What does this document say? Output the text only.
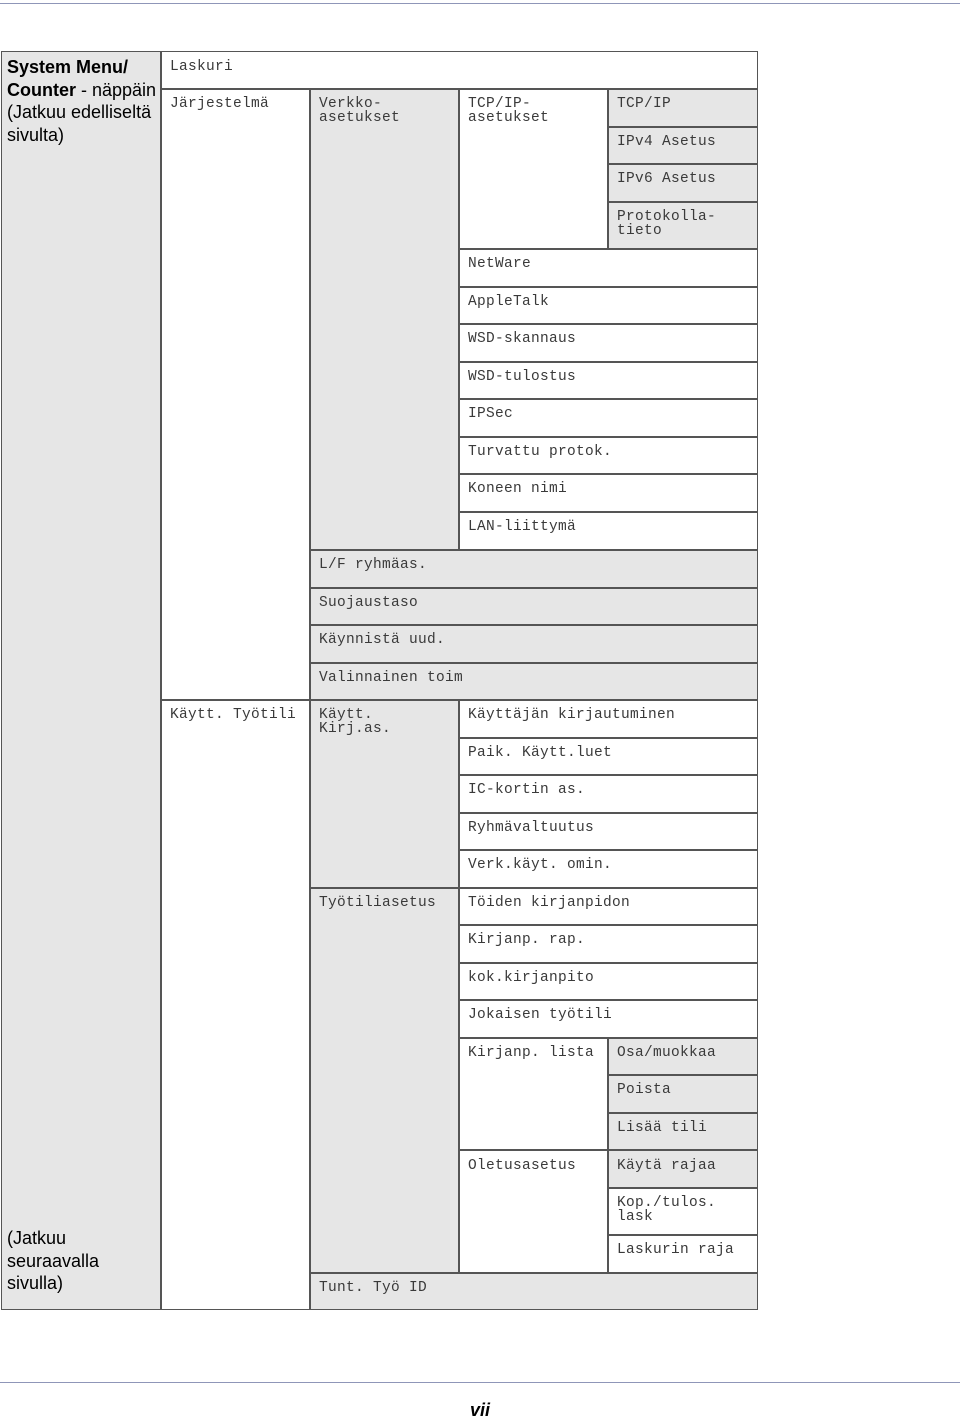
System Menu/ Counter - näppäin (Jatkuu edelliseltä sivulta)
(Jatkuu seuraavalla sivulla)
Laskuri
Järjestelmä
Käytt. Työtili
Verkko-
asetukset
L/F ryhmäas.
Suojaustaso
Käynnistä uud.
Valinnainen toim
Käytt.
Kirj.as.
Työtiliasetus
Tunt. Työ ID
TCP/IP-
asetukset
NetWare
AppleTalk
WSD-skannaus
WSD-tulostus
IPSec
Turvattu protok.
Koneen nimi
LAN-liittymä
Käyttäjän kirjautuminen
Paik. Käytt.luet
IC-kortin as.
Ryhmävaltuutus
Verk.käyt. omin.
Töiden kirjanpidon
Kirjanp. rap.
kok.kirjanpito
Jokaisen työtili
Kirjanp. lista
Oletusasetus
TCP/IP
IPv4 Asetus
IPv6 Asetus
Protokolla-
tieto
Osa/muokkaa
Poista
Lisää tili
Käytä rajaa
Kop./tulos.
lask
Laskurin raja
vii
